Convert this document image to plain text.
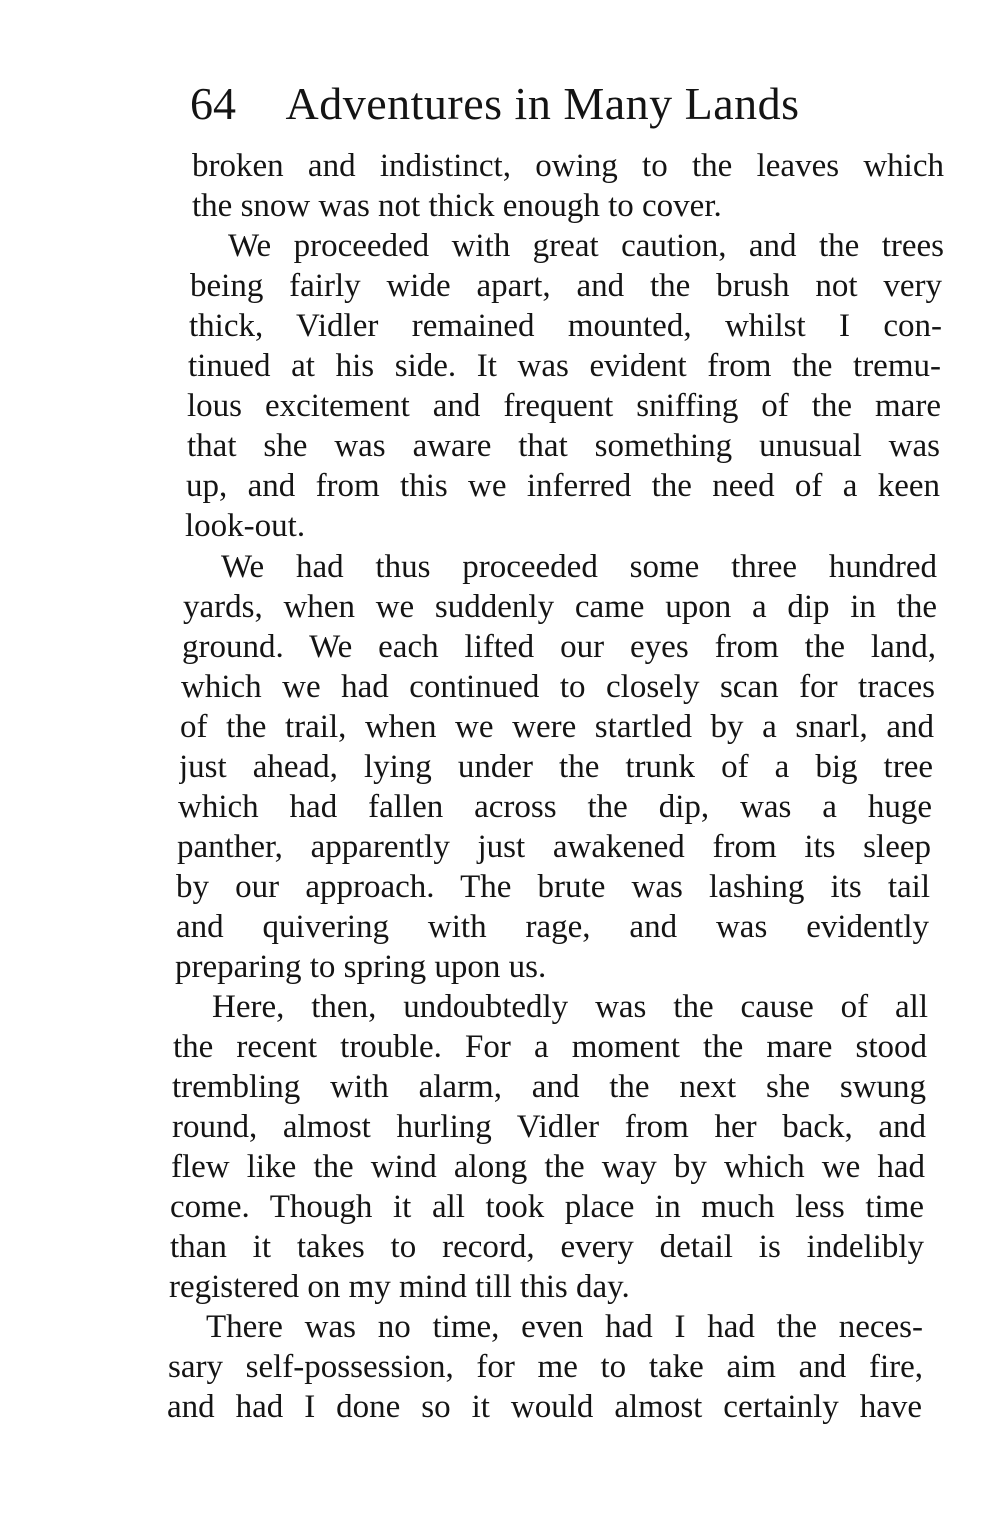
64 Adventures in Many Lands
broken and indistinct, owing to the leaves which
the snow was not thick enough to cover.
We proceeded with great caution, and the trees
being fairly wide apart, and the brush not very
thick, Vidler remained mounted, whilst I con-
tinued at his side. It was evident from the tremu-
lous excitement and frequent sniffing of the mare
that she was aware that something unusual was
up, and from this we inferred the need of a keen
look-out.
We had thus proceeded some three hundred
yards, when we suddenly came upon a dip in the
ground. We each lifted our eyes from the land,
which we had continued to closely scan for traces
of the trail, when we were startled by a snarl, and
just ahead, lying under the trunk of a big tree
which had fallen across the dip, was a huge
panther, apparently just awakened from its sleep
by our approach. The brute was lashing its tail
and quivering with rage, and was evidently
preparing to spring upon us.
Here, then, undoubtedly was the cause of all
the recent trouble. For a moment the mare stood
trembling with alarm, and the next she swung
round, almost hurling Vidler from her back, and
flew like the wind along the way by which we had
come. Though it all took place in much less time
than it takes to record, every detail is indelibly
registered on my mind till this day.
There was no time, even had I had the neces-
sary self-possession, for me to take aim and fire,
and had I done so it would almost certainly have
